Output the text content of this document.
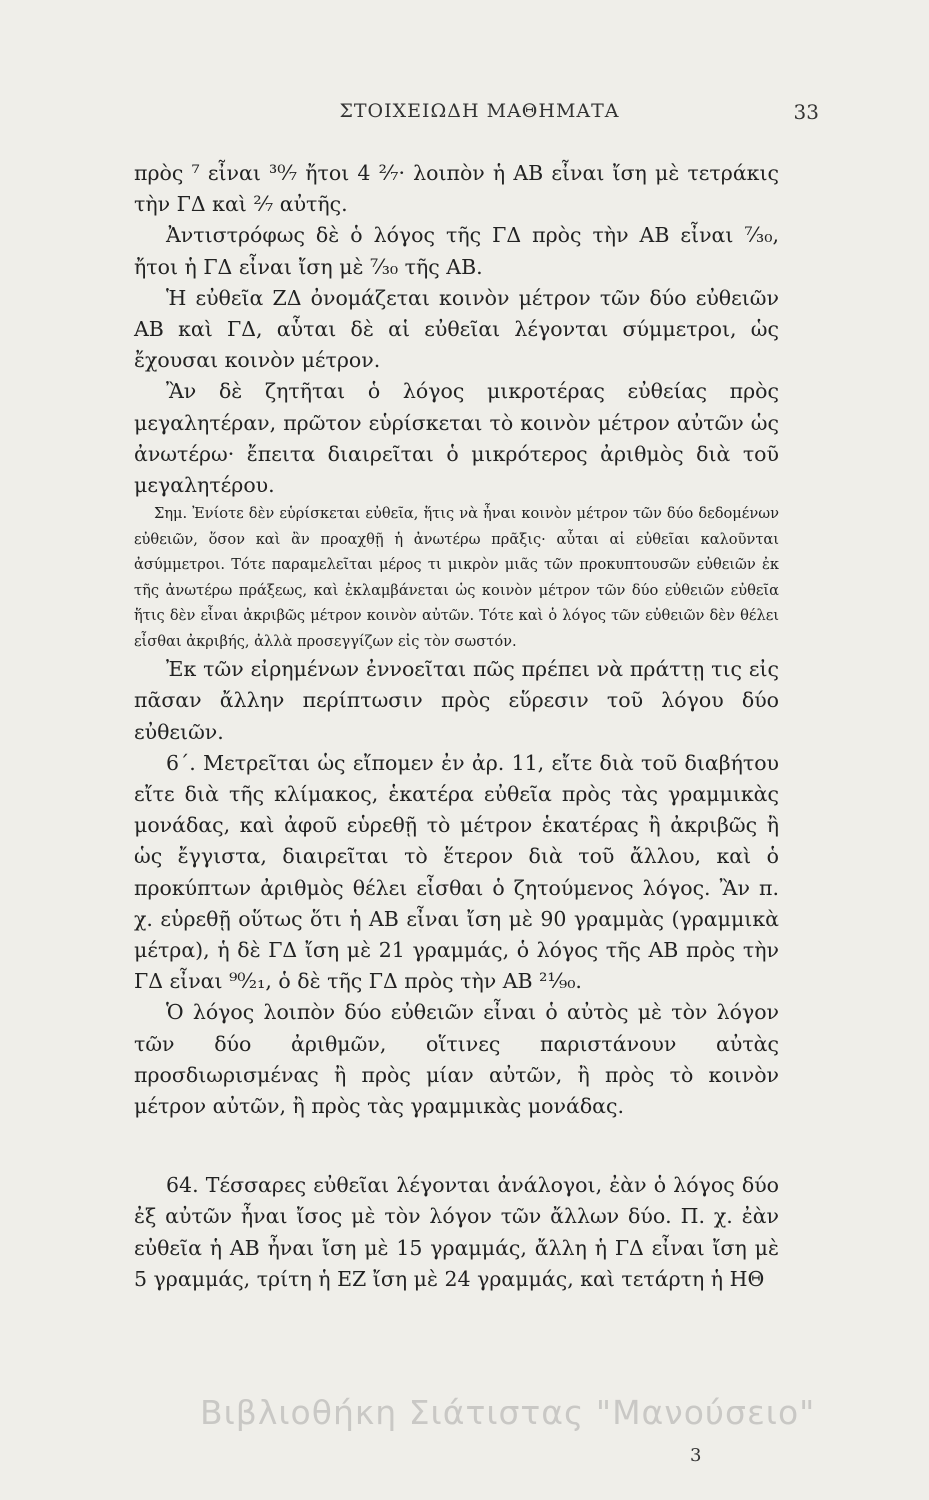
ΣΤΟΙΧΕΙΩΔΗ ΜΑΘΗΜΑΤΑ	33

πρὸς ⁷ εἶναι ³⁰⁄₇ ἤτοι 4 ²⁄₇· λοιπὸν ἡ ΑΒ εἶναι ἴση μὲ τετράκις τὴν ΓΔ καὶ ²⁄₇ αὐτῆς.

Ἀντιστρόφως δὲ ὁ λόγος τῆς ΓΔ πρὸς τὴν ΑΒ εἶναι ⁷⁄₃₀, ἤτοι ἡ ΓΔ εἶναι ἴση μὲ ⁷⁄₃₀ τῆς ΑΒ.

Ἡ εὐθεῖα ΖΔ ὀνομάζεται κοινὸν μέτρον τῶν δύο εὐθειῶν ΑΒ καὶ ΓΔ, αὗται δὲ αἱ εὐθεῖαι λέγονται σύμμετροι, ὡς ἔχουσαι κοινὸν μέτρον.

Ἂν δὲ ζητῆται ὁ λόγος μικροτέρας εὐθείας πρὸς μεγαλητέραν, πρῶτον εὑρίσκεται τὸ κοινὸν μέτρον αὐτῶν ὡς ἀνωτέρω· ἔπειτα διαιρεῖται ὁ μικρότερος ἀριθμὸς διὰ τοῦ μεγαλητέρου.

Σημ. Ἐνίοτε δὲν εὑρίσκεται εὐθεῖα, ἥτις νὰ ἦναι κοινὸν μέτρον τῶν δύο δεδομένων εὐθειῶν, ὅσον καὶ ἂν προαχθῇ ἡ ἀνωτέρω πρᾶξις· αὗται αἱ εὐθεῖαι καλοῦνται ἀσύμμετροι. Τότε παραμελεῖται μέρος τι μικρὸν μιᾶς τῶν προκυπτουσῶν εὐθειῶν ἐκ τῆς ἀνωτέρω πράξεως, καὶ ἐκλαμβάνεται ὡς κοινὸν μέτρον τῶν δύο εὐθειῶν εὐθεῖα ἥτις δὲν εἶναι ἀκριβῶς μέτρον κοινὸν αὐτῶν. Τότε καὶ ὁ λόγος τῶν εὐθειῶν δὲν θέλει εἶσθαι ἀκριβής, ἀλλὰ προσεγγίζων εἰς τὸν σωστόν.

Ἐκ τῶν εἰρημένων ἐννοεῖται πῶς πρέπει νὰ πράττῃ τις εἰς πᾶσαν ἄλλην περίπτωσιν πρὸς εὕρεσιν τοῦ λόγου δύο εὐθειῶν.

6΄. Μετρεῖται ὡς εἴπομεν ἐν ἀρ. 11, εἴτε διὰ τοῦ διαβήτου εἴτε διὰ τῆς κλίμακος, ἑκατέρα εὐθεῖα πρὸς τὰς γραμμικὰς μονάδας, καὶ ἀφοῦ εὑρεθῇ τὸ μέτρον ἑκατέρας ἢ ἀκριβῶς ἢ ὡς ἔγγιστα, διαιρεῖται τὸ ἕτερον διὰ τοῦ ἄλλου, καὶ ὁ προκύπτων ἀριθμὸς θέλει εἶσθαι ὁ ζητούμενος λόγος. Ἂν π. χ. εὑρεθῇ οὕτως ὅτι ἡ ΑΒ εἶναι ἴση μὲ 90 γραμμὰς (γραμμικὰ μέτρα), ἡ δὲ ΓΔ ἴση μὲ 21 γραμμάς, ὁ λόγος τῆς ΑΒ πρὸς τὴν ΓΔ εἶναι ⁹⁰⁄₂₁, ὁ δὲ τῆς ΓΔ πρὸς τὴν ΑΒ ²¹⁄₉₀.

Ὁ λόγος λοιπὸν δύο εὐθειῶν εἶναι ὁ αὐτὸς μὲ τὸν λόγον τῶν δύο ἀριθμῶν, οἵτινες παριστάνουν αὐτὰς προσδιωρισμένας ἢ πρὸς μίαν αὐτῶν, ἢ πρὸς τὸ κοινὸν μέτρον αὐτῶν, ἢ πρὸς τὰς γραμμικὰς μονάδας.

64. Τέσσαρες εὐθεῖαι λέγονται ἀνάλογοι, ἐὰν ὁ λόγος δύο ἐξ αὐτῶν ἦναι ἴσος μὲ τὸν λόγον τῶν ἄλλων δύο. Π. χ. ἐὰν εὐθεῖα ἡ ΑΒ ἦναι ἴση μὲ 15 γραμμάς, ἄλλη ἡ ΓΔ εἶναι ἴση μὲ 5 γραμμάς, τρίτη ἡ ΕΖ ἴση μὲ 24 γραμμάς, καὶ τετάρτη ἡ ΗΘ

Βιβλιοθήκη Σιάτιστας "Μανούσειο"
3
